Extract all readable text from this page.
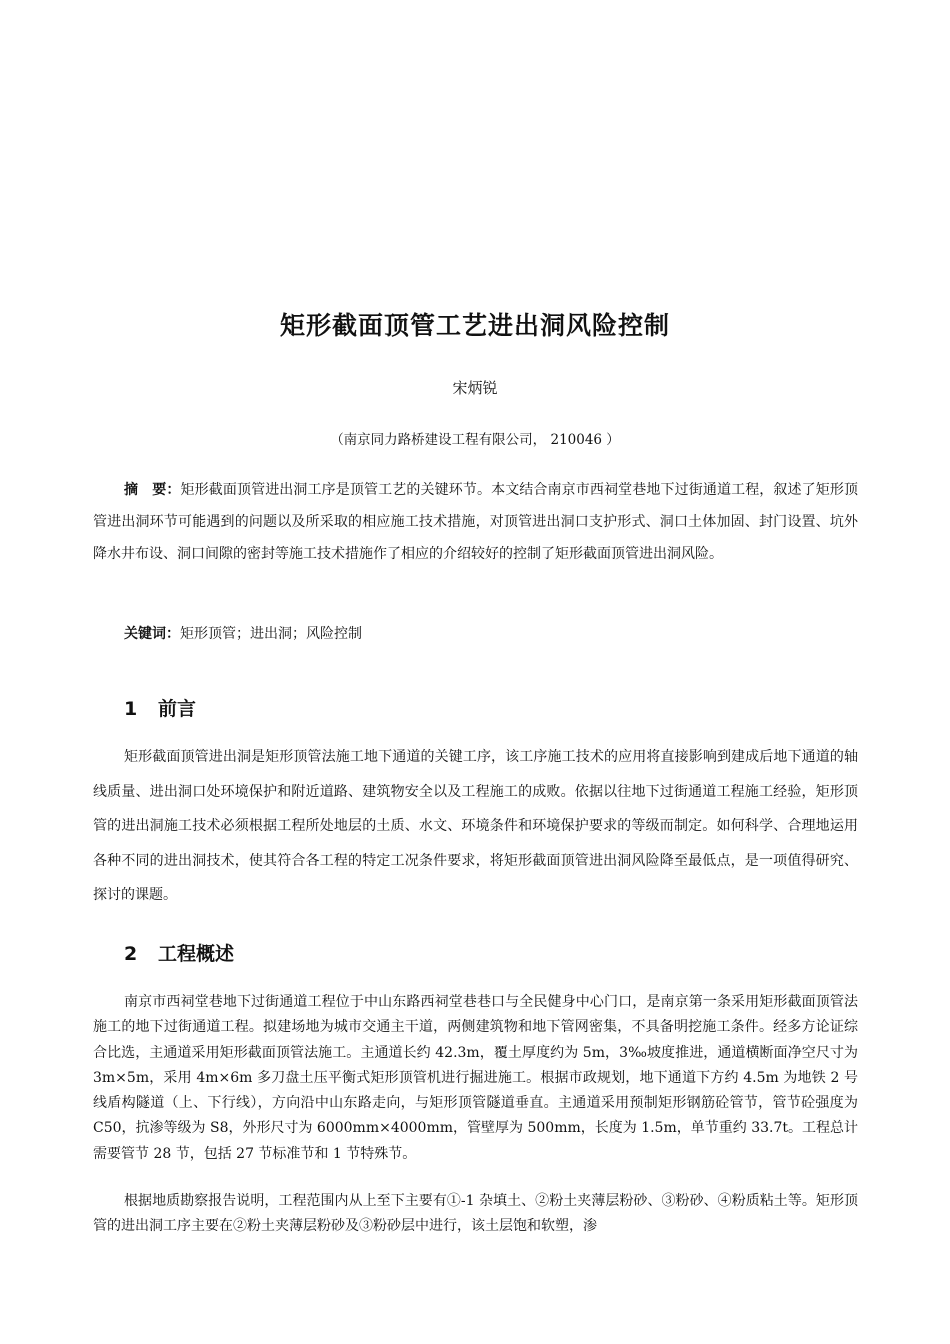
矩形截面顶管工艺进出洞风险控制
宋炳锐
（南京同力路桥建设工程有限公司， 210046 ）

摘　要：矩形截面顶管进出洞工序是顶管工艺的关键环节。本文结合南京市西祠堂巷地下过街通道工程，叙述了矩形顶管进出洞环节可能遇到的问题以及所采取的相应施工技术措施，对顶管进出洞口支护形式、洞口土体加固、封门设置、坑外降水井布设、洞口间隙的密封等施工技术措施作了相应的介绍较好的控制了矩形截面顶管进出洞风险。

关键词：矩形顶管；进出洞；风险控制

1 前言

矩形截面顶管进出洞是矩形顶管法施工地下通道的关键工序，该工序施工技术的应用将直接影响到建成后地下通道的轴线质量、进出洞口处环境保护和附近道路、建筑物安全以及工程施工的成败。依据以往地下过街通道工程施工经验，矩形顶管的进出洞施工技术必须根据工程所处地层的土质、水文、环境条件和环境保护要求的等级而制定。如何科学、合理地运用各种不同的进出洞技术，使其符合各工程的特定工况条件要求，将矩形截面顶管进出洞风险降至最低点，是一项值得研究、探讨的课题。

2 工程概述

南京市西祠堂巷地下过街通道工程位于中山东路西祠堂巷巷口与全民健身中心门口，是南京第一条采用矩形截面顶管法施工的地下过街通道工程。拟建场地为城市交通主干道，两侧建筑物和地下管网密集，不具备明挖施工条件。经多方论证综合比选，主通道采用矩形截面顶管法施工。主通道长约 42.3m，覆土厚度约为 5m，3‰坡度推进，通道横断面净空尺寸为 3m×5m，采用 4m×6m 多刀盘土压平衡式矩形顶管机进行掘进施工。根据市政规划，地下通道下方约 4.5m 为地铁 2 号线盾构隧道（上、下行线），方向沿中山东路走向，与矩形顶管隧道垂直。主通道采用预制矩形钢筋砼管节，管节砼强度为 C50，抗渗等级为 S8，外形尺寸为 6000mm×4000mm，管壁厚为 500mm，长度为 1.5m，单节重约 33.7t。工程总计需要管节 28 节，包括 27 节标准节和 1 节特殊节。

根据地质勘察报告说明，工程范围内从上至下主要有①-1 杂填土、②粉土夹薄层粉砂、③粉砂、④粉质粘土等。矩形顶管的进出洞工序主要在②粉土夹薄层粉砂及③粉砂层中进行，该土层饱和软塑，渗
